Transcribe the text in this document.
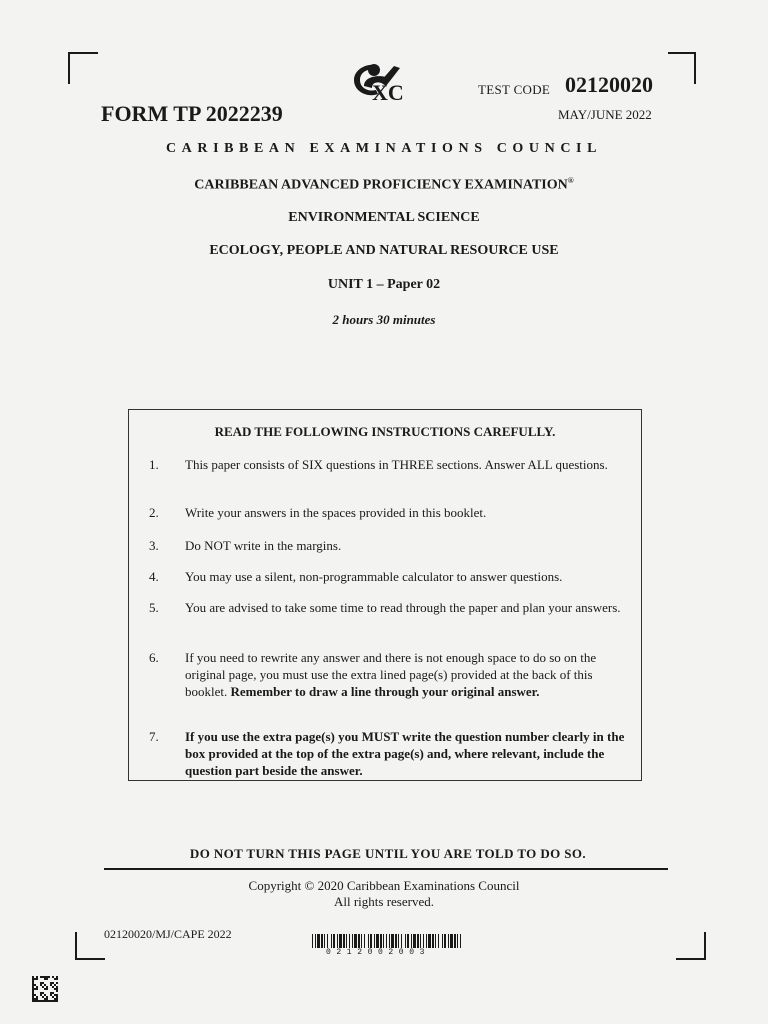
XC	TEST CODE 02120020
FORM TP 2022239	MAY/JUNE 2022
CARIBBEAN EXAMINATIONS COUNCIL
CARIBBEAN ADVANCED PROFICIENCY EXAMINATION®
ENVIRONMENTAL SCIENCE
ECOLOGY, PEOPLE AND NATURAL RESOURCE USE
UNIT 1 – Paper 02
2 hours 30 minutes
READ THE FOLLOWING INSTRUCTIONS CAREFULLY.
1.	This paper consists of SIX questions in THREE sections. Answer ALL questions.
2.	Write your answers in the spaces provided in this booklet.
3.	Do NOT write in the margins.
4.	You may use a silent, non-programmable calculator to answer questions.
5.	You are advised to take some time to read through the paper and plan your answers.
6.	If you need to rewrite any answer and there is not enough space to do so on the original page, you must use the extra lined page(s) provided at the back of this booklet. Remember to draw a line through your original answer.
7.	If you use the extra page(s) you MUST write the question number clearly in the box provided at the top of the extra page(s) and, where relevant, include the question part beside the answer.
DO NOT TURN THIS PAGE UNTIL YOU ARE TOLD TO DO SO.
Copyright © 2020 Caribbean Examinations Council
All rights reserved.
02120020/MJ/CAPE 2022
0212002003
